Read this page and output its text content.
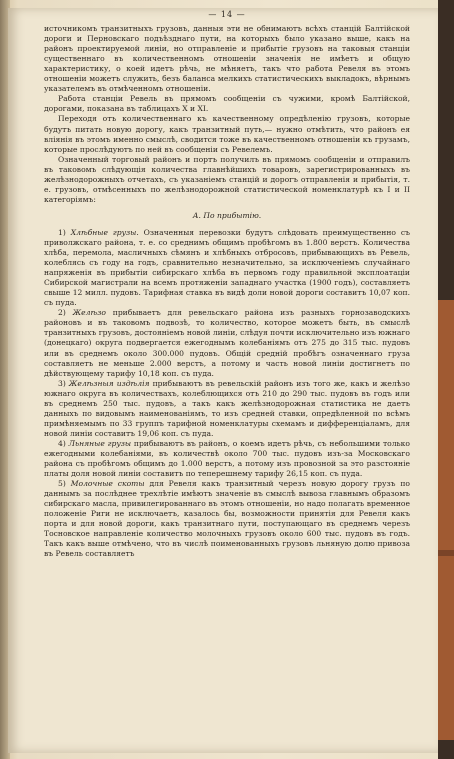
— 14 —

источникомъ транзитныхъ грузовъ, данныя эти не обнимаютъ всѣхъ станцій Балтійской дороги и Перновскаго подъѣзднаго пути, на которыхъ было указано выше, какъ на районъ проектируемой линіи, но отправленіе и прибытіе грузовъ на таковыя станціи существеннаго въ количественномъ отношеніи значенія не имѣетъ и общую характеристику, о коей идетъ рѣчь, не мѣняетъ, такъ что работа Ревеля въ этомъ отношеніи можетъ служить, безъ баланса мелкихъ статистическихъ выкладокъ, вѣрнымъ указателемъ въ отмѣченномъ отношеніи.

Работа станціи Ревель въ прямомъ сообщеніи съ чужими, кромѣ Балтійской, дорогами, показана въ таблицахъ X и XI.

Переходя отъ количественнаго къ качественному опредѣленію грузовъ, которые будутъ питать новую дорогу, какъ транзитный путь,— нужно отмѣтить, что районъ ея вліянія въ этомъ именно смыслѣ, сводится тоже въ качественномъ отношеніи къ грузамъ, которые прослѣдуютъ по ней въ сообщеніи съ Ревелемъ.

Означенный торговый районъ и портъ получилъ въ прямомъ сообщеніи и отправилъ въ таковомъ слѣдующія количества главнѣйшихъ товаровъ, зарегистрированныхъ въ желѣзнодорожныхъ отчетахъ, съ указаніемъ станцій и дорогъ отправленія и прибытія, т. е. грузовъ, отмѣсенныхъ по желѣзнодорожной статистической номенклатурѣ къ I и II категоріямъ:

А. По прибытію.

1) Хлѣбные грузы. Означенныя перевозки будутъ слѣдовать преимущественно съ приволжскаго района, т. е. со среднимъ общимъ пробѣгомъ въ 1.800 верстъ. Количества хлѣба, перемола, масличныхъ сѣмянъ и хлѣбныхъ отбросовъ, прибывающихъ въ Ревель, колеблясь съ году на годъ, сравнительно незначительно, за исключеніемъ случайнаго напряженія въ прибытіи сибирскаго хлѣба въ первомъ году правильной эксплоатаціи Сибирской магистрали на всемъ протяженіи западнаго участка (1900 годъ), составляетъ свыше 12 милл. пудовъ. Тарифная ставка въ видѣ доли новой дороги составитъ 10,07 коп. съ пуда.

2) Желѣзо прибываетъ для ревельскаго района изъ разныхъ горнозаводскихъ районовъ и въ таковомъ подвозѣ, то количество, которое можетъ быть, въ смыслѣ транзитныхъ грузовъ, достояніемъ новой линіи, слѣдуя почти исключительно изъ южнаго (донецкаго) округа подвергается ежегоднымъ колебаніямъ отъ 275 до 315 тыс. пудовъ или въ среднемъ около 300.000 пудовъ. Общій средній пробѣгъ означеннаго груза составляетъ не меньше 2.000 верстъ, а потому и часть новой линіи достигнетъ по дѣйствующему тарифу 10,18 коп. съ пуда.

3) Желѣзныя издѣлія прибываютъ въ ревельскій районъ изъ того же, какъ и желѣзо южнаго округа въ количествахъ, колеблющихся отъ 210 до 290 тыс. пудовъ въ годъ или въ среднемъ 250 тыс. пудовъ, а такъ какъ желѣзнодорожная статистика не даетъ данныхъ по видовымъ наименованіямъ, то изъ средней ставки, опредѣленной по всѣмъ примѣняемымъ по 33 группъ тарифной номенклатуры схемамъ и дифференціаламъ, для новой линіи составитъ 19,06 коп. съ пуда.

4) Льняные грузы прибываютъ въ районъ, о коемъ идетъ рѣчь, съ небольшими только ежегодными колебаніями, въ количествѣ около 700 тыс. пудовъ изъ-за Московскаго района съ пробѣгомъ общимъ до 1.000 верстъ, а потому изъ провозной за это разстояніе платы доля новой линіи составитъ по теперешнему тарифу 26,15 коп. съ пуда.

5) Молочные скоты для Ревеля какъ транзитный черезъ новую дорогу грузъ по даннымъ за послѣднее трехлѣтіе имѣютъ значеніе въ смыслѣ вывоза главнымъ образомъ сибирскаго масла, привилегированнаго въ этомъ отношеніи, но надо полагать временное положеніе Риги не исключаетъ, казалось бы, возможности принятія для Ревеля какъ порта и для новой дороги, какъ транзитнаго пути, поступающаго въ среднемъ черезъ Тосновское направленіе количество молочныхъ грузовъ около 600 тыс. пудовъ въ годъ. Такъ какъ выше отмѣчено, что въ числѣ поименованныхъ грузовъ льняную долю привоза въ Ревель составляетъ
